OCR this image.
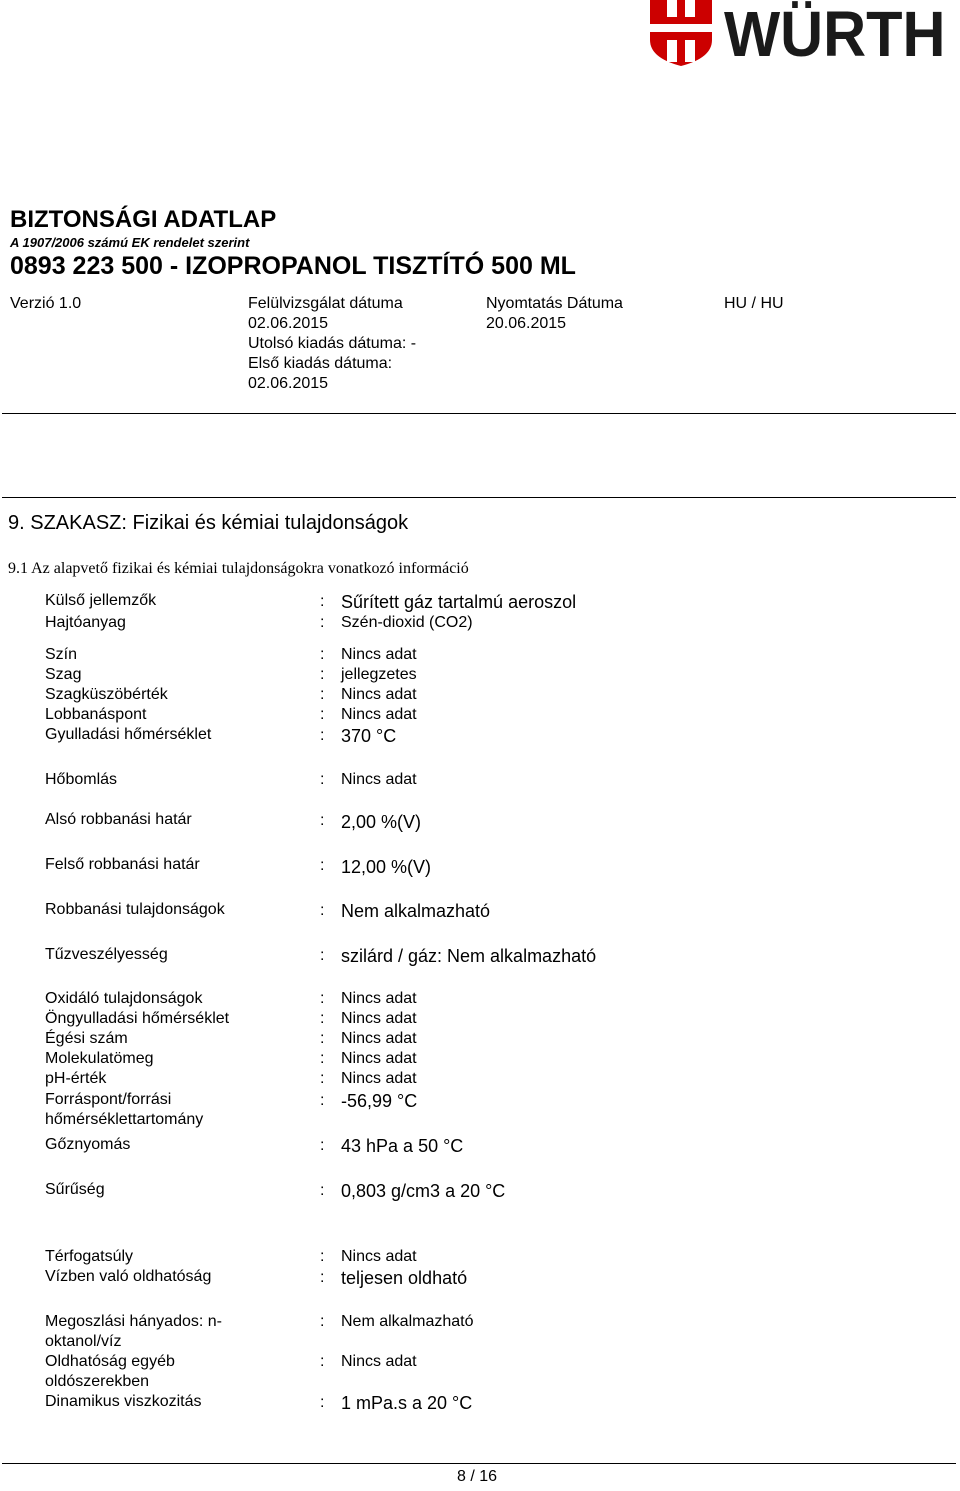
WÜRTH
BIZTONSÁGI ADATLAP
A 1907/2006 számú EK rendelet szerint
0893 223 500 - IZOPROPANOL TISZTÍTÓ 500 ML
Verzió 1.0	Felülvizsgálat dátuma
02.06.2015
Utolsó kiadás dátuma: -
Első kiadás dátuma:
02.06.2015
Nyomtatás Dátuma
20.06.2015
HU / HU
9. SZAKASZ: Fizikai és kémiai tulajdonságok
9.1 Az alapvető fizikai és kémiai tulajdonságokra vonatkozó információ
Külső jellemzők	: Sűrített gáz tartalmú aeroszol
Hajtóanyag	: Szén-dioxid (CO2)
Szín	: Nincs adat
Szag	: jellegzetes
Szagküszöbérték	: Nincs adat
Lobbanáspont	: Nincs adat
Gyulladási hőmérséklet	: 370 °C
Hőbomlás	: Nincs adat
Alsó robbanási határ	: 2,00 %(V)
Felső robbanási határ	: 12,00 %(V)
Robbanási tulajdonságok	: Nem alkalmazható
Tűzveszélyesség	: szilárd / gáz: Nem alkalmazható
Oxidáló tulajdonságok	: Nincs adat
Öngyulladási hőmérséklet	: Nincs adat
Égési szám	: Nincs adat
Molekulatömeg	: Nincs adat
pH-érték	: Nincs adat
Forráspont/forrási
hőmérséklettartomány
: -56,99 °C
Gőznyomás	: 43 hPa a 50 °C
Sűrűség	: 0,803 g/cm3 a 20 °C
Térfogatsúly	: Nincs adat
Vízben való oldhatóság	: teljesen oldható
Megoszlási hányados: n-
oktanol/víz
: Nem alkalmazható
Oldhatóság egyéb
oldószerekben
: Nincs adat
Dinamikus viszkozitás	: 1 mPa.s a 20 °C
8 / 16
